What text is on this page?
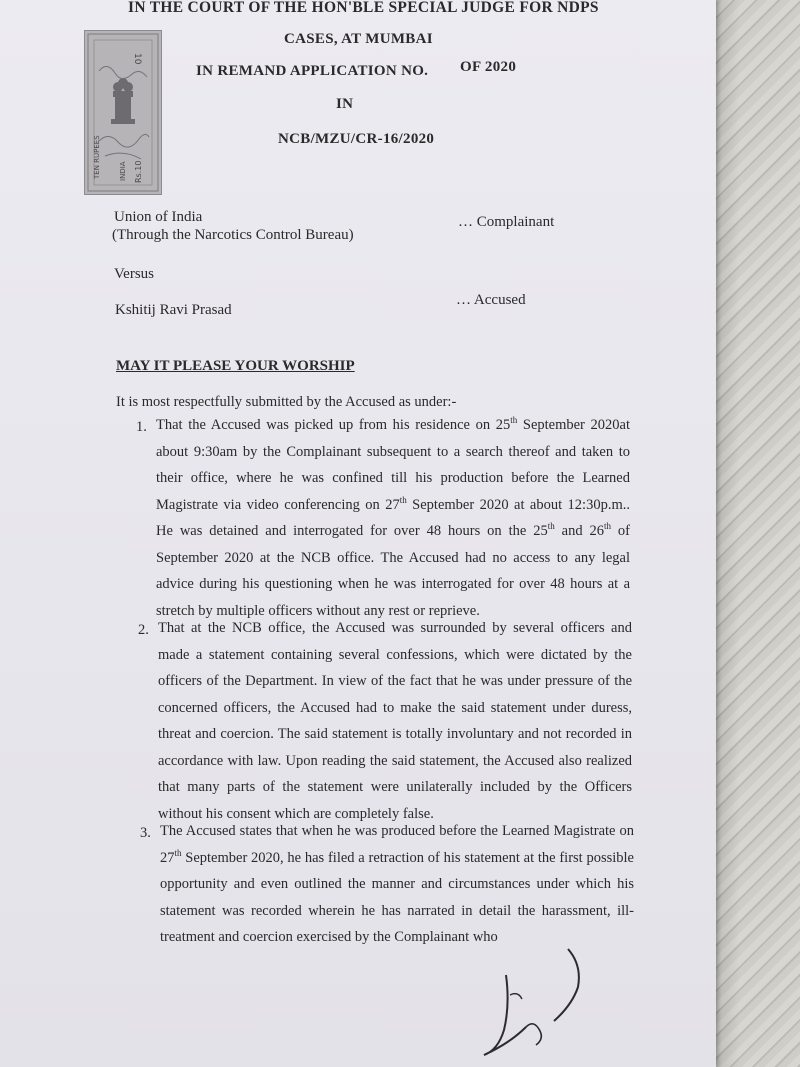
10
TEN RUPEES	INDIA Rs.10
IN THE COURT OF THE HON'BLE SPECIAL JUDGE FOR NDPS
CASES, AT MUMBAI
IN REMAND APPLICATION NO. OF 2020
IN
NCB/MZU/CR-16/2020
Union of India
(Through the Narcotics Control Bureau)
… Complainant
Versus
Kshitij Ravi Prasad
… Accused
MAY IT PLEASE YOUR WORSHIP
It is most respectfully submitted by the Accused as under:-
1. That the Accused was picked up from his residence on 25th September 2020at about 9:30am by the Complainant subsequent to a search thereof and taken to their office, where he was confined till his production before the Learned Magistrate via video conferencing on 27th September 2020 at about 12:30p.m.. He was detained and interrogated for over 48 hours on the 25th and 26th of September 2020 at the NCB office. The Accused had no access to any legal advice during his questioning when he was interrogated for over 48 hours at a stretch by multiple officers without any rest or reprieve.
2. That at the NCB office, the Accused was surrounded by several officers and made a statement containing several confessions, which were dictated by the officers of the Department. In view of the fact that he was under pressure of the concerned officers, the Accused had to make the said statement under duress, threat and coercion. The said statement is totally involuntary and not recorded in accordance with law. Upon reading the said statement, the Accused also realized that many parts of the statement were unilaterally included by the Officers without his consent which are completely false.
3. The Accused states that when he was produced before the Learned Magistrate on 27th September 2020, he has filed a retraction of his statement at the first possible opportunity and even outlined the manner and circumstances under which his statement was recorded wherein he has narrated in detail the harassment, ill-treatment and coercion exercised by the Complainant who
